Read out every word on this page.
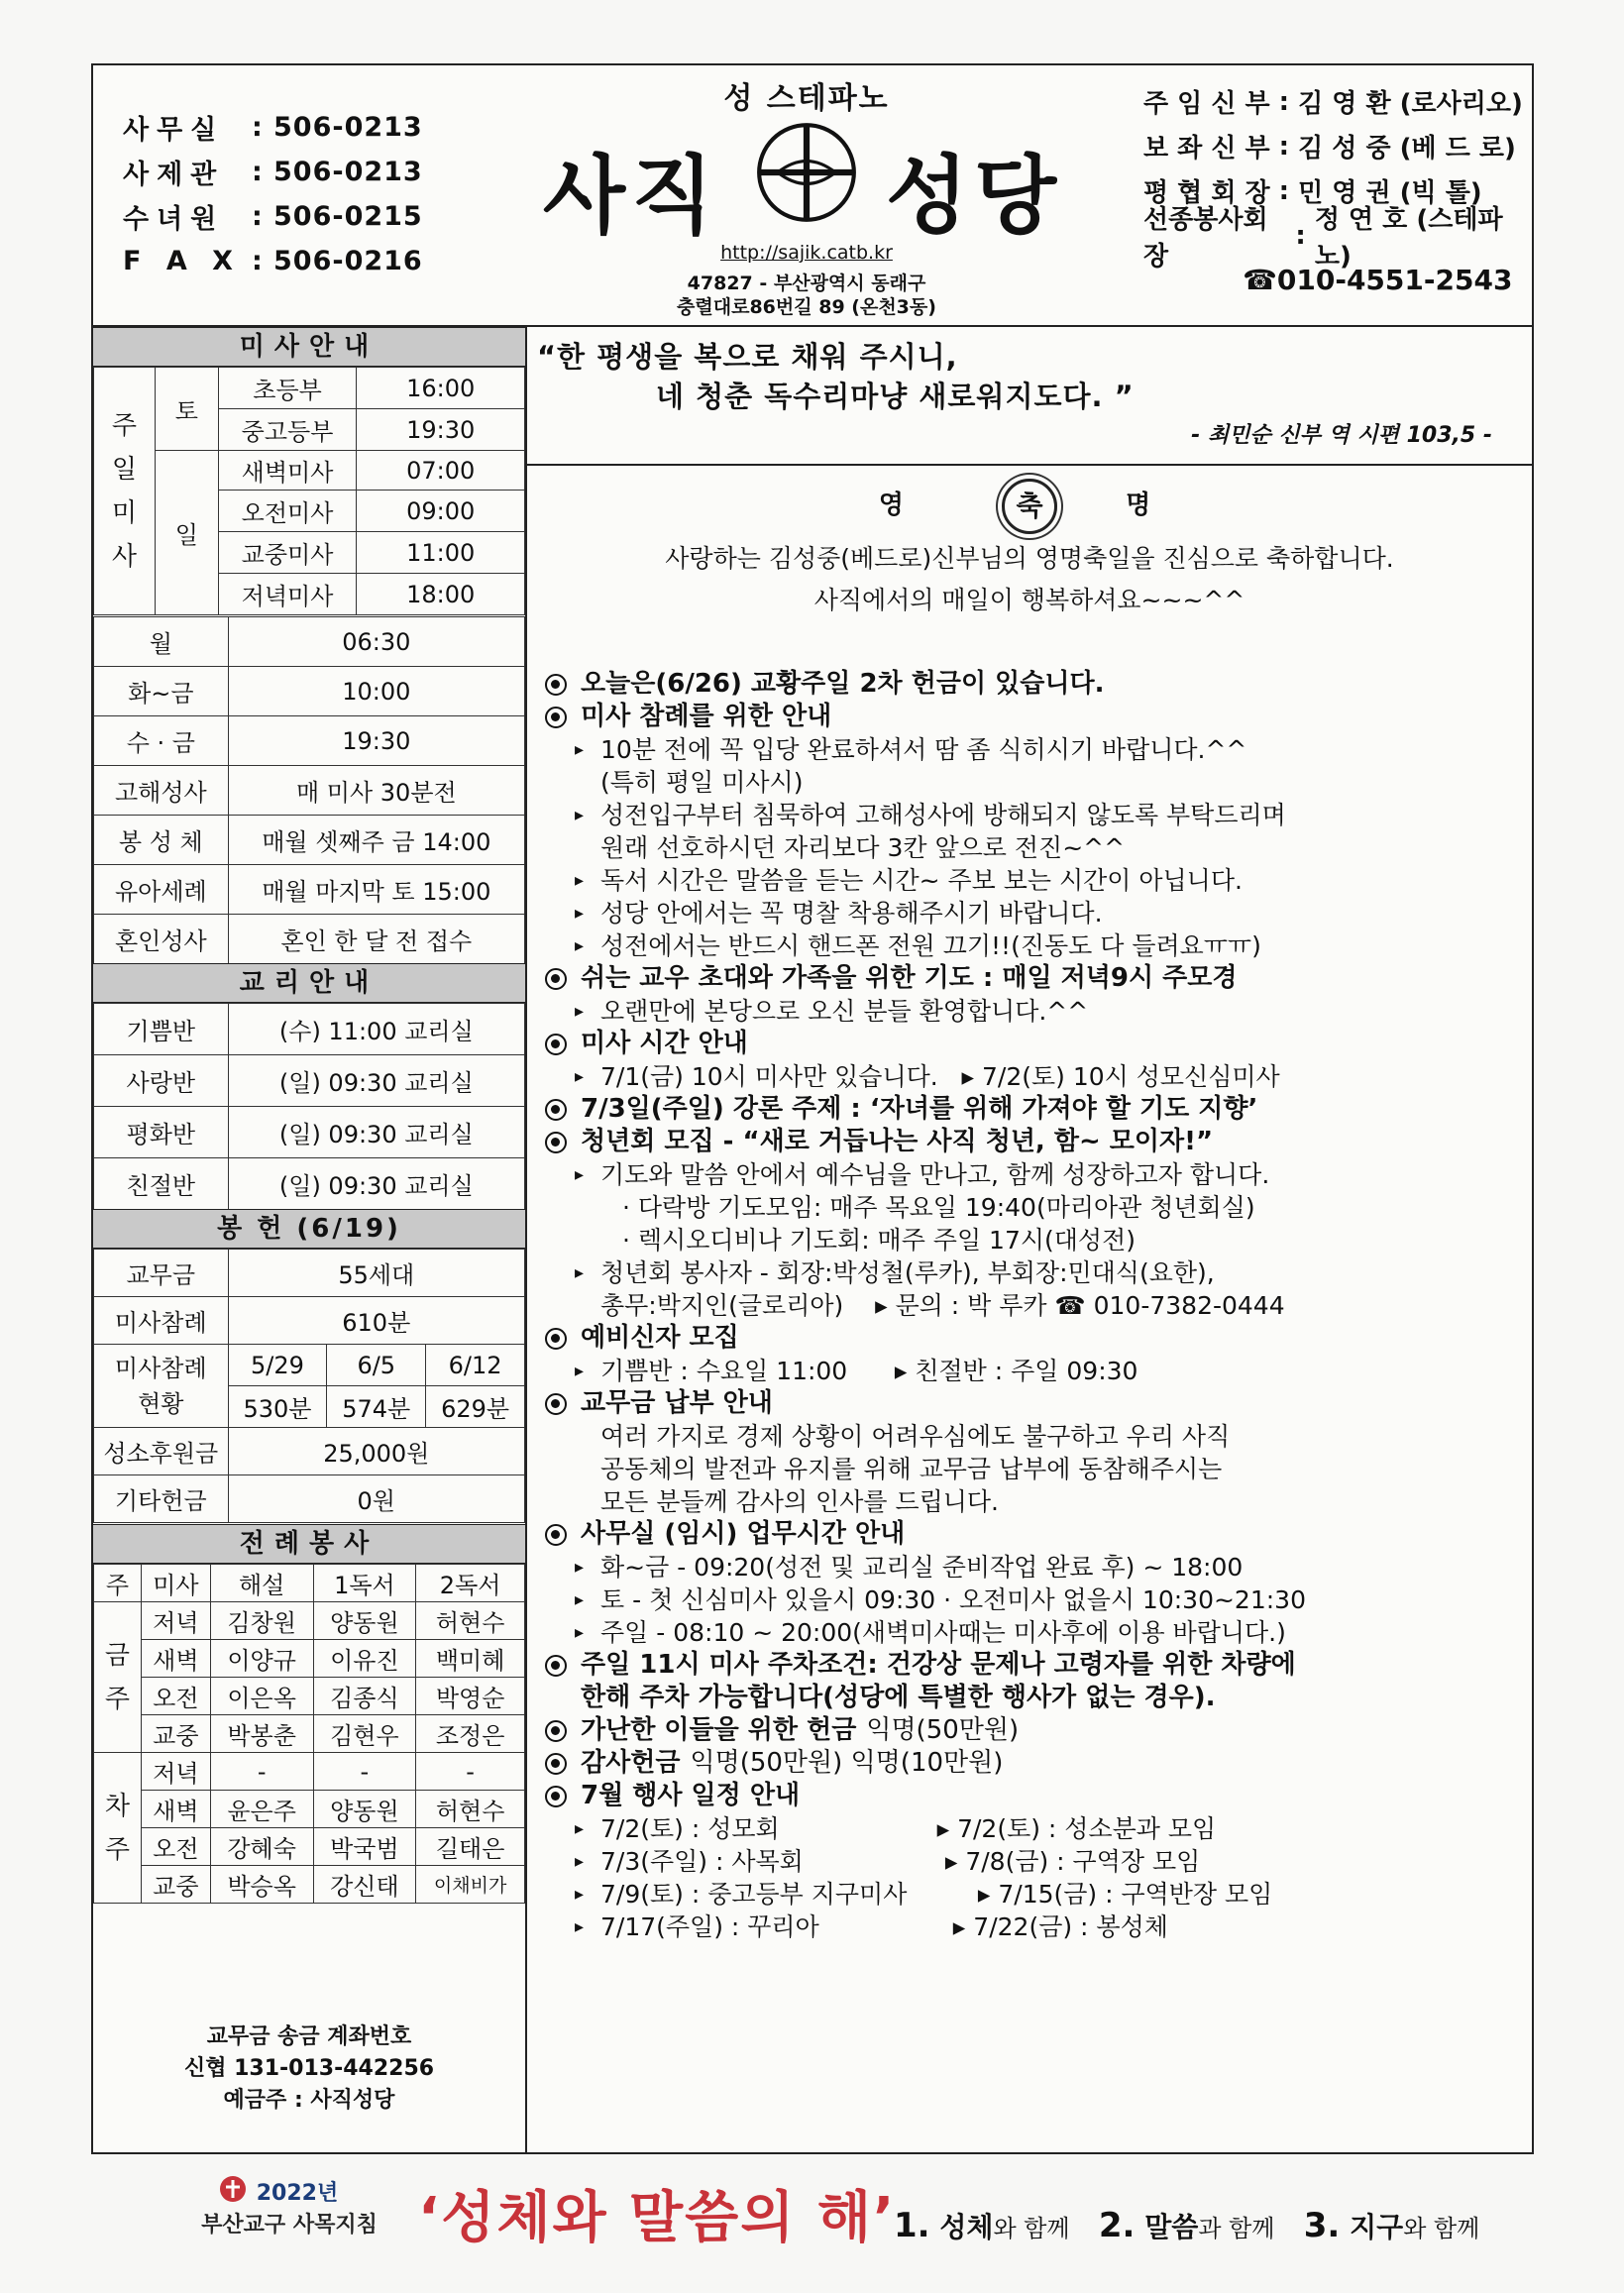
사무실	: 506-0213
사제관	: 506-0213
수녀원	: 506-0215
F A X : 506-0216
성 스테파노
사직 성당
http://sajik.catb.kr
47827 - 부산광역시 동래구
충렬대로86번길 89 (온천3동)
주 임 신 부 : 김 영 환 (로사리오)
보 좌 신 부 : 김 성 중 (베 드 로)
평 협 회 장 : 민 영 권 (빅 톨)
선종봉사회장
:
정 연 호 (스테파노)
☎010-4551-2543
미사안내
주일미사	토	초등부	16:00
		중고등부	19:30
	일	새벽미사	07:00
		오전미사	09:00
		교중미사	11:00
		저녁미사	18:00
월	06:30
화~금	10:00
수 · 금	19:30
고해성사	매 미사 30분전
봉 성 체	매월 셋째주 금 14:00
유아세례	매월 마지막 토 15:00
혼인성사	혼인 한 달 전 접수
교리안내
기쁨반	(수) 11:00 교리실
사랑반	(일) 09:30 교리실
평화반	(일) 09:30 교리실
친절반	(일) 09:30 교리실
봉 헌 (6/19)
교무금	55세대		
미사참례	610분		

미사참례
현황	5/29	6/5	6/12
	530분	574분	629분
성소후원금	25,000원		
기타헌금	0원		
전례봉사
주	미사	해설	1독서	2독서

금주	저녁	김창원	양동원	허현수
	새벽	이양규	이유진	백미혜
	오전	이은옥	김종식	박영순
	교중	박봉춘	김현우	조정은

차주	저녁	-	-	-
	새벽	윤은주	양동원	허현수
	오전	강혜숙	박국범	길태은
	교중	박승옥	강신태	이채비가
교무금 송금 계좌번호
신협 131-013-442256
예금주 : 사직성당
“한 평생을 복으로 채워 주시니,
네 청춘 독수리마냥 새로워지도다. ”
- 최민순 신부 역 시편 103,5 -
영	축	명
사랑하는 김성중(베드로)신부님의 영명축일을 진심으로 축하합니다.
사직에서의 매일이 행복하셔요~~~^^
오늘은(6/26) 교황주일 2차 헌금이 있습니다.
미사 참례를 위한 안내
▸ 10분 전에 꼭 입당 완료하셔서 땀 좀 식히시기 바랍니다.^^
(특히 평일 미사시)
▸ 성전입구부터 침묵하여 고해성사에 방해되지 않도록 부탁드리며
원래 선호하시던 자리보다 3칸 앞으로 전진~^^
▸ 독서 시간은 말씀을 듣는 시간~ 주보 보는 시간이 아닙니다.
▸ 성당 안에서는 꼭 명찰 착용해주시기 바랍니다.
▸ 성전에서는 반드시 핸드폰 전원 끄기!!(진동도 다 들려요ㅠㅠ)
쉬는 교우 초대와 가족을 위한 기도 : 매일 저녁9시 주모경
▸ 오랜만에 본당으로 오신 분들 환영합니다.^^
미사 시간 안내
▸ 7/1(금) 10시 미사만 있습니다.   ▸ 7/2(토) 10시 성모신심미사
7/3일(주일) 강론 주제 : ‘자녀를 위해 가져야 할 기도 지향’
청년회 모집 - “새로 거듭나는 사직 청년, 함~ 모이자!”
▸ 기도와 말씀 안에서 예수님을 만나고, 함께 성장하고자 합니다.
· 다락방 기도모임: 매주 목요일 19:40(마리아관 청년회실)
· 렉시오디비나 기도회: 매주 주일 17시(대성전)
▸ 청년회 봉사자 - 회장:박성철(루카), 부회장:민대식(요한),
총무:박지인(글로리아)    ▸ 문의 : 박 루카 ☎ 010-7382-0444
예비신자 모집
▸ 기쁨반 : 수요일 11:00      ▸ 친절반 : 주일 09:30
교무금 납부 안내
여러 가지로 경제 상황이 어려우심에도 불구하고 우리 사직
공동체의 발전과 유지를 위해 교무금 납부에 동참해주시는
모든 분들께 감사의 인사를 드립니다.
사무실 (임시) 업무시간 안내
▸ 화~금 - 09:20(성전 및 교리실 준비작업 완료 후) ~ 18:00
▸ 토 - 첫 신심미사 있을시 09:30 · 오전미사 없을시 10:30~21:30
▸ 주일 - 08:10 ~ 20:00(새벽미사때는 미사후에 이용 바랍니다.)
주일 11시 미사 주차조건: 건강상 문제나 고령자를 위한 차량에
한해 주차 가능합니다(성당에 특별한 행사가 없는 경우).
가난한 이들을 위한 헌금 익명(50만원)
감사헌금 익명(50만원) 익명(10만원)
7월 행사 일정 안내
▸ 7/2(토) : 성모회                    ▸ 7/2(토) : 성소분과 모임
▸ 7/3(주일) : 사목회                  ▸ 7/8(금) : 구역장 모임
▸ 7/9(토) : 중고등부 지구미사         ▸ 7/15(금) : 구역반장 모임
▸ 7/17(주일) : 꾸리아                 ▸ 7/22(금) : 봉성체
2022년
부산교구 사목지침 ‘성체와 말씀의 해’
1. 성체와 함께 2. 말씀과 함께 3. 지구와 함께
